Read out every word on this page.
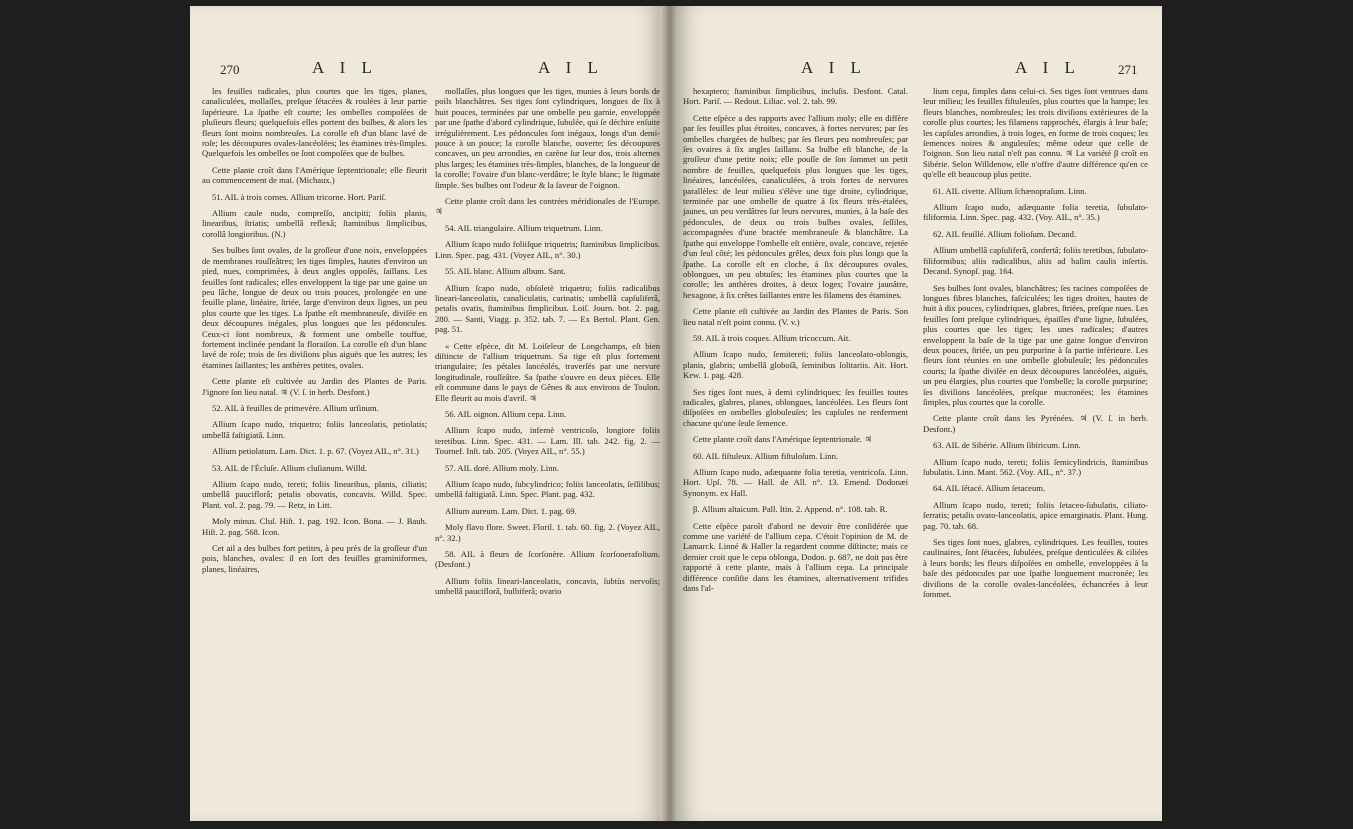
270	A I L	A I L

les feuilles radicales, plus courtes que les tiges, planes, canaliculées, mollaſſes, preſque ſétacées & roulées à leur partie ſupérieure. La ſpathe eſt courte; les ombelles compoſées de pluſieurs fleurs; quelquefois elles portent des bulbes, & alors les fleurs ſont moins nombreuſes. La corolle eſt d'un blanc lavé de roſe; les découpures ovales-lancéolées; les étamines très-ſimples. Quelquefois les ombelles ne ſont compoſées que de bulbes.

Cette plante croît dans l'Amérique ſeptentrionale; elle fleurit au commencement de mai. (Michaux.)

51. AIL à trois cornes. Allium tricorne. Hort. Pariſ.

Allium caule nudo, compreſſo, ancipiti; foliis planis, linearibus, ſtriatis; umbellâ reflexâ; ſtaminibus ſimplicibus, corollâ longioribus. (N.)

Ses bulbes ſont ovales, de la groſſeur d'une noix, enveloppées de membranes rouſſeâtres; les tiges ſimples, hautes d'environ un pied, nues, comprimées, à deux angles oppoſés, ſaillans. Les feuilles ſont radicales; elles enveloppent la tige par une gaine un peu lâche, longue de deux ou trois pouces, prolongée en une feuille plane, linéaire, ſtriée, large d'environ deux lignes, un peu plus courte que les tiges. La ſpathe eſt membraneuſe, diviſée en deux découpures inégales, plus longues que les pédoncules. Ceux-ci ſont nombreux, & forment une ombelle touffue, fortement inclinée pendant la floraiſon. La corolle eſt d'un blanc lavé de roſe; trois de ſes diviſions plus aiguës que les autres; les étamines ſaillantes; les anthères petites, ovales.

Cette plante eſt cultivée au Jardin des Plantes de Paris. J'ignore ſon lieu natal. ♃ (V. ſ. in herb. Desfont.)

52. AIL à feuilles de primevère. Allium urſinum.

Allium ſcapo nudo, triquetro; foliis lanceolatis, petiolatis; umbellâ faſtigiatâ. Linn.

Allium petiolatum. Lam. Dict. 1. p. 67. (Voyez AIL, n°. 31.)

53. AIL de l'Écluſe. Allium cluſianum. Willd.

Allium ſcapo nudo, tereti; foliis linearibus, planis, ciliatis; umbellâ pauciflorâ; petalis obovatis, concavis. Willd. Spec. Plant. vol. 2. pag. 79. — Retz, in Litt.

Moly minus. Cluſ. Hiſt. 1. pag. 192. Icon. Bona. — J. Bauh. Hiſt. 2. pag. 568. Icon.

Cet ail a des bulbes fort petites, à peu près de la groſſeur d'un pois, blanches, ovales: il en ſort des feuilles graminiformes, planes, linéaires,

mollaſſes, plus longues que les tiges, munies à leurs bords de poils blanchâtres. Ses tiges ſont cylindriques, longues de ſix à huit pouces, terminées par une ombelle peu garnie, enveloppée par une ſpathe d'abord cylindrique, ſubulée, qui ſe déchire enſuite irrégulièrement. Les pédoncules ſont inégaux, longs d'un demi-pouce à un pouce; la corolle blanche, ouverte; ſes découpures concaves, un peu arrondies, en carène ſur leur dos, trois alternes plus larges; les étamines très-ſimples, blanches, de la longueur de la corolle; l'ovaire d'un blanc-verdâtre; le ſtyle blanc; le ſtigmate ſimple. Ses bulbes ont l'odeur & la ſaveur de l'oignon.

Cette plante croît dans les contrées méridionales de l'Europe. ♃

54. AIL triangulaire. Allium triquetrum. Linn.

Allium ſcapo nudo foliiſque triquetris; ſtaminibus ſimplicibus. Linn. Spec. pag. 431. (Voyez AIL, n°. 30.)

55. AIL blanc. Allium album. Sant.

Allium ſcapo nudo, obſoletè triquetro; foliis radicalibus lineari-lanceolatis, canaliculatis, carinatis; umbellâ capſuliferâ, petalis ovatis, ſtaminibus ſimplicibus. Loiſ. Journ. bot. 2. pag. 280. — Santi, Viagg. p. 352. tab. 7. — Ex Bertol. Plant. Gen. pag. 51.

« Cette eſpèce, dit M. Loiſeleur de Longchamps, eſt bien diſtincte de l'allium triquetrum. Sa tige eſt plus fortement triangulaire; ſes pétales lancéolés, traverſés par une nervure longitudinale, rouſſeâtre. Sa ſpathe s'ouvre en deux pièces. Elle eſt commune dans le pays de Gênes & aux environs de Toulon. Elle fleurit au mois d'avril. ♃

56. AIL oignon. Allium cepa. Linn.

Allium ſcapo nudo, infernè ventricoſo, longiore foliis teretibus. Linn. Spec. 431. — Lam. Ill. tab. 242. fig. 2. — Tournef. Inſt. tab. 205. (Voyez AIL, n°. 55.)

57. AIL doré. Allium moly. Linn.

Allium ſcapo nudo, ſubcylindrico; foliis lanceolatis, ſeſſilibus; umbellâ faſtigiatâ. Linn. Spec. Plant. pag. 432.

Allium aureum. Lam. Dict. 1. pag. 69.

Moly flavo flore. Sweet. Floril. 1. tab. 60. fig. 2. (Voyez AIL, n°. 32.)

58. AIL à fleurs de ſcorſonère. Allium ſcorſonerafolium. (Desfont.)

Allium foliis lineari-lanceolatis, concavis, ſubtùs nervoſis; umbellâ pauciflorâ, bulbiferâ; ovario

A I L	A I L	271

hexaptero; ſtaminibus ſimplicibus, incluſis. Desfont. Catal. Hort. Pariſ. — Redout. Liliac. vol. 2. tab. 99.

Cette eſpèce a des rapports avec l'allium moly; elle en diffère par ſes feuilles plus étroites, concaves, à fortes nervures; par ſes ombelles chargées de bulbes; par ſes fleurs peu nombreuſes; par ſes ovaires à ſix angles ſaillans. Sa bulbe eſt blanche, de la groſſeur d'une petite noix; elle pouſſe de ſon ſommet un petit nombre de feuilles, quelquefois plus longues que les tiges, linéaires, lancéolées, canaliculées, à trois fortes de nervures parallèles: de leur milieu s'élève une tige droite, cylindrique, terminée par une ombelle de quatre à ſix fleurs très-étalées, jaunes, un peu verdâtres ſur leurs nervures, munies, à la baſe des pédoncules, de deux ou trois bulbes ovales, ſeſſiles, accompagnées d'une bractée membraneuſe & blanchâtre. La ſpathe qui enveloppe l'ombelle eſt entière, ovale, concave, rejetée d'un ſeul côté; les pédoncules grêles, deux fois plus longs que la ſpathe. La corolle eſt en cloche, à ſix découpures ovales, oblongues, un peu obtuſes; les étamines plus courtes que la corolle; les anthères droites, à deux loges; l'ovaire jaunâtre, hexagone, à ſix crêtes ſaillantes entre les filamens des étamines.

Cette plante eſt cultivée au Jardin des Plantes de Paris. Son lieu natal n'eſt point connu. (V. v.)

59. AIL à trois coques. Allium tricoccum. Ait.

Allium ſcapo nudo, ſemitereti; foliis lanceolato-oblongis, planis, glabris; umbellâ globoſâ, ſeminibus ſolitariis. Ait. Hort. Kew. 1. pag. 428.

Ses tiges ſont nues, à demi cylindriques; ſes feuilles toutes radicales, glabres, planes, oblongues, lancéolées. Les fleurs ſont diſpoſées en ombelles globuleuſes; les capſules ne renferment chacune qu'une ſeule ſemence.

Cette plante croît dans l'Amérique ſeptentrionale. ♃

60. AIL fiſtuleux. Allium fiſtuloſum. Linn.

Allium ſcapo nudo, adæquante folia teretia, ventricoſa. Linn. Hort. Upſ. 78. — Hall. de All. n°. 13. Emend. Dodonæi Synonym. ex Hall.

β. Allium altaicum. Pall. Itin. 2. Append. n°. 108. tab. R.

Cette eſpèce paroît d'abord ne devoir être conſidérée que comme une variété de l'allium cepa. C'étoit l'opinion de M. de Lamarck. Linné & Haller la regardent comme diſtincte; mais ce dernier croit que le cepa oblonga, Dodon. p. 687, ne doit pas être rapporté à cette plante, mais à l'allium cepa. La principale différence conſiſte dans les étamines, alternativement trifides dans l'al-

lium cepa, ſimples dans celui-ci. Ses tiges ſont ventrues dans leur milieu; les feuilles fiſtuleuſes, plus courtes que la hampe; les fleurs blanches, nombreuſes; les trois diviſions extérieures de la corolle plus courtes; les filamens rapprochés, élargis à leur baſe; les capſules arrondies, à trois loges, en forme de trois coques; les ſemences noires & anguleuſes; même odeur que celle de l'oignon. Son lieu natal n'eſt pas connu. ♃ La variété β croît en Sibérie. Selon Willdenow, elle n'offre d'autre différence qu'en ce qu'elle eſt beaucoup plus petite.

61. AIL civette. Allium ſchænopraſum. Linn.

Allium ſcapo nudo, adæquante folia teretia, ſubulato-filiformia. Linn. Spec. pag. 432. (Voy. AIL, n°. 35.)

62. AIL feuillé. Allium folioſum. Decand.

Allium umbellâ capſuliferâ, confertâ; foliis teretibus, ſubulato-filiformibus; aliis radicalibus, aliis ad baſim caulis inſertis. Decand. Synopſ. pag. 164.

Ses bulbes ſont ovales, blanchâtres; ſes racines compoſées de longues fibres blanches, faſciculées; les tiges droites, hautes de huit à dix pouces, cylindriques, glabres, ſtriées, preſque nues. Les feuilles ſont preſque cylindriques, épaiſſes d'une ligne, ſubulées, plus courtes que les tiges; les unes radicales; d'autres enveloppent la baſe de la tige par une gaine longue d'environ deux pouces, ſtriée, un peu purpurine à ſa partie inférieure. Les fleurs ſont réunies en une ombelle globuleuſe; les pédoncules courts; la ſpathe diviſée en deux découpures lancéolées, aiguës, un peu élargies, plus courtes que l'ombelle; la corolle purpurine; ſes diviſions lancéolées, preſque mucronées; les étamines ſimples, plus courtes que la corolle.

Cette plante croît dans les Pyrénées. ♃ (V. ſ. in herb. Desfont.)

63. AIL de Sibérie. Allium ſibiricum. Linn.

Allium ſcapo nudo, tereti; foliis ſemicylindricis, ſtaminibus ſubulatis. Linn. Mant. 562. (Voy. AIL, n°. 37.)

64. AIL ſétacé. Allium ſetaceum.

Allium ſcapo nudo, tereti; foliis ſetaceo-ſubulatis, ciliato-ſerratis; petalis ovato-lanceolatis, apice emarginatis. Plant. Hung. pag. 70. tab. 68.

Ses tiges ſont nues, glabres, cylindriques. Les feuilles, toutes caulinaires, ſont ſétacées, ſubulées, preſque denticulées & ciliées à leurs bords; les fleurs diſpoſées en ombelle, enveloppées à la baſe des pédoncules par une ſpathe longuement mucronée; les diviſions de la corolle ovales-lancéolées, échancrées à leur ſommet.
